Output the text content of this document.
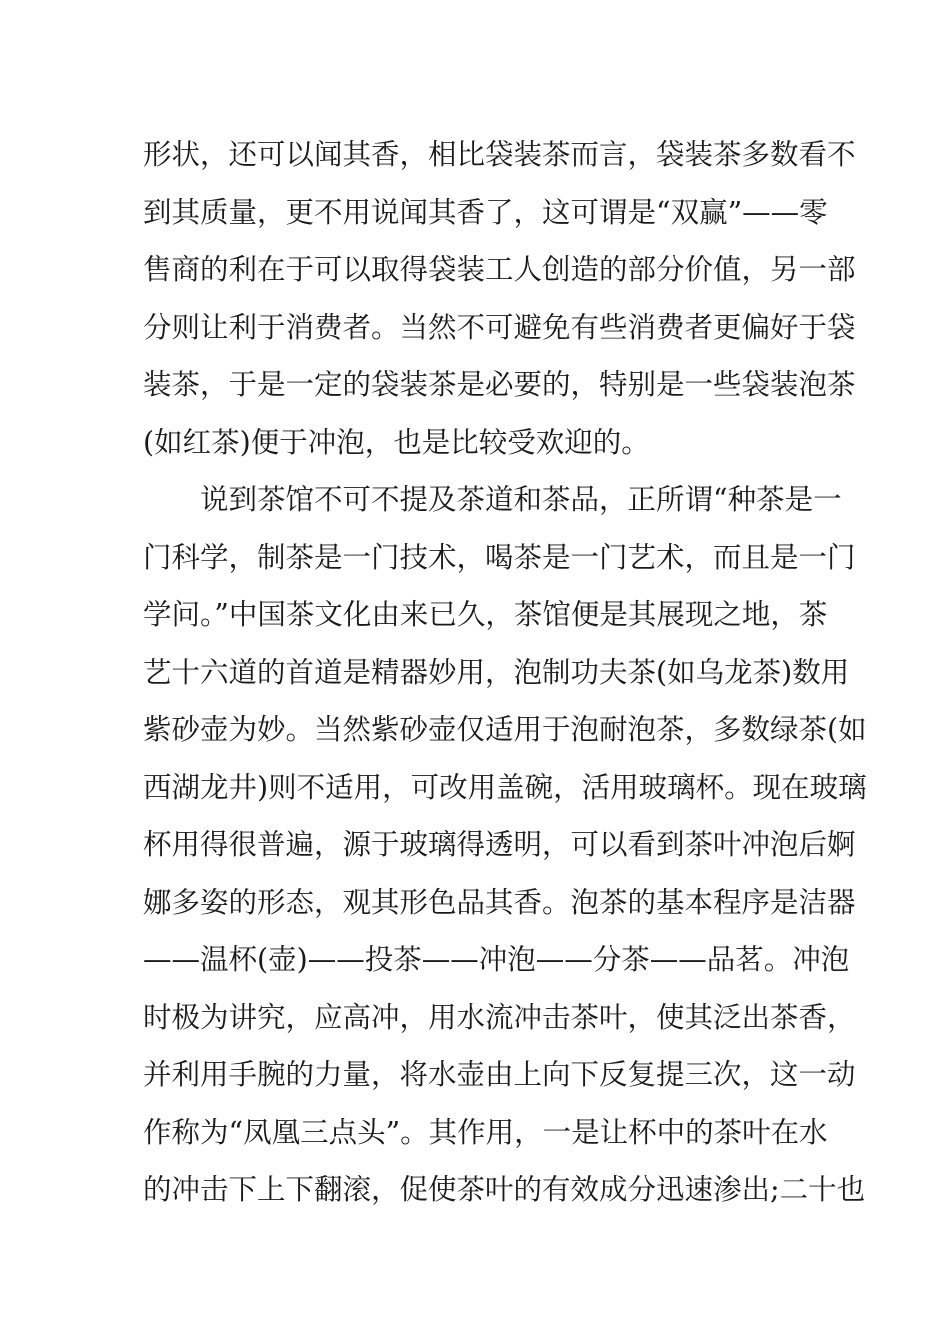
形状，还可以闻其香，相比袋装茶而言，袋装茶多数看不
到其质量，更不用说闻其香了，这可谓是“双赢”——零
售商的利在于可以取得袋装工人创造的部分价值，另一部
分则让利于消费者。当然不可避免有些消费者更偏好于袋
装茶，于是一定的袋装茶是必要的，特别是一些袋装泡茶
(如红茶)便于冲泡，也是比较受欢迎的。
说到茶馆不可不提及茶道和茶品，正所谓“种茶是一
门科学，制茶是一门技术，喝茶是一门艺术，而且是一门
学问。”中国茶文化由来已久，茶馆便是其展现之地，茶
艺十六道的首道是精器妙用，泡制功夫茶(如乌龙茶)数用
紫砂壶为妙。当然紫砂壶仅适用于泡耐泡茶，多数绿茶(如
西湖龙井)则不适用，可改用盖碗，活用玻璃杯。现在玻璃
杯用得很普遍，源于玻璃得透明，可以看到茶叶冲泡后婀
娜多姿的形态，观其形色品其香。泡茶的基本程序是洁器
——温杯(壶)——投茶——冲泡——分茶——品茗。冲泡
时极为讲究，应高冲，用水流冲击茶叶，使其泛出茶香，
并利用手腕的力量，将水壶由上向下反复提三次，这一动
作称为“凤凰三点头”。其作用，一是让杯中的茶叶在水
的冲击下上下翻滚，促使茶叶的有效成分迅速渗出;二十也
